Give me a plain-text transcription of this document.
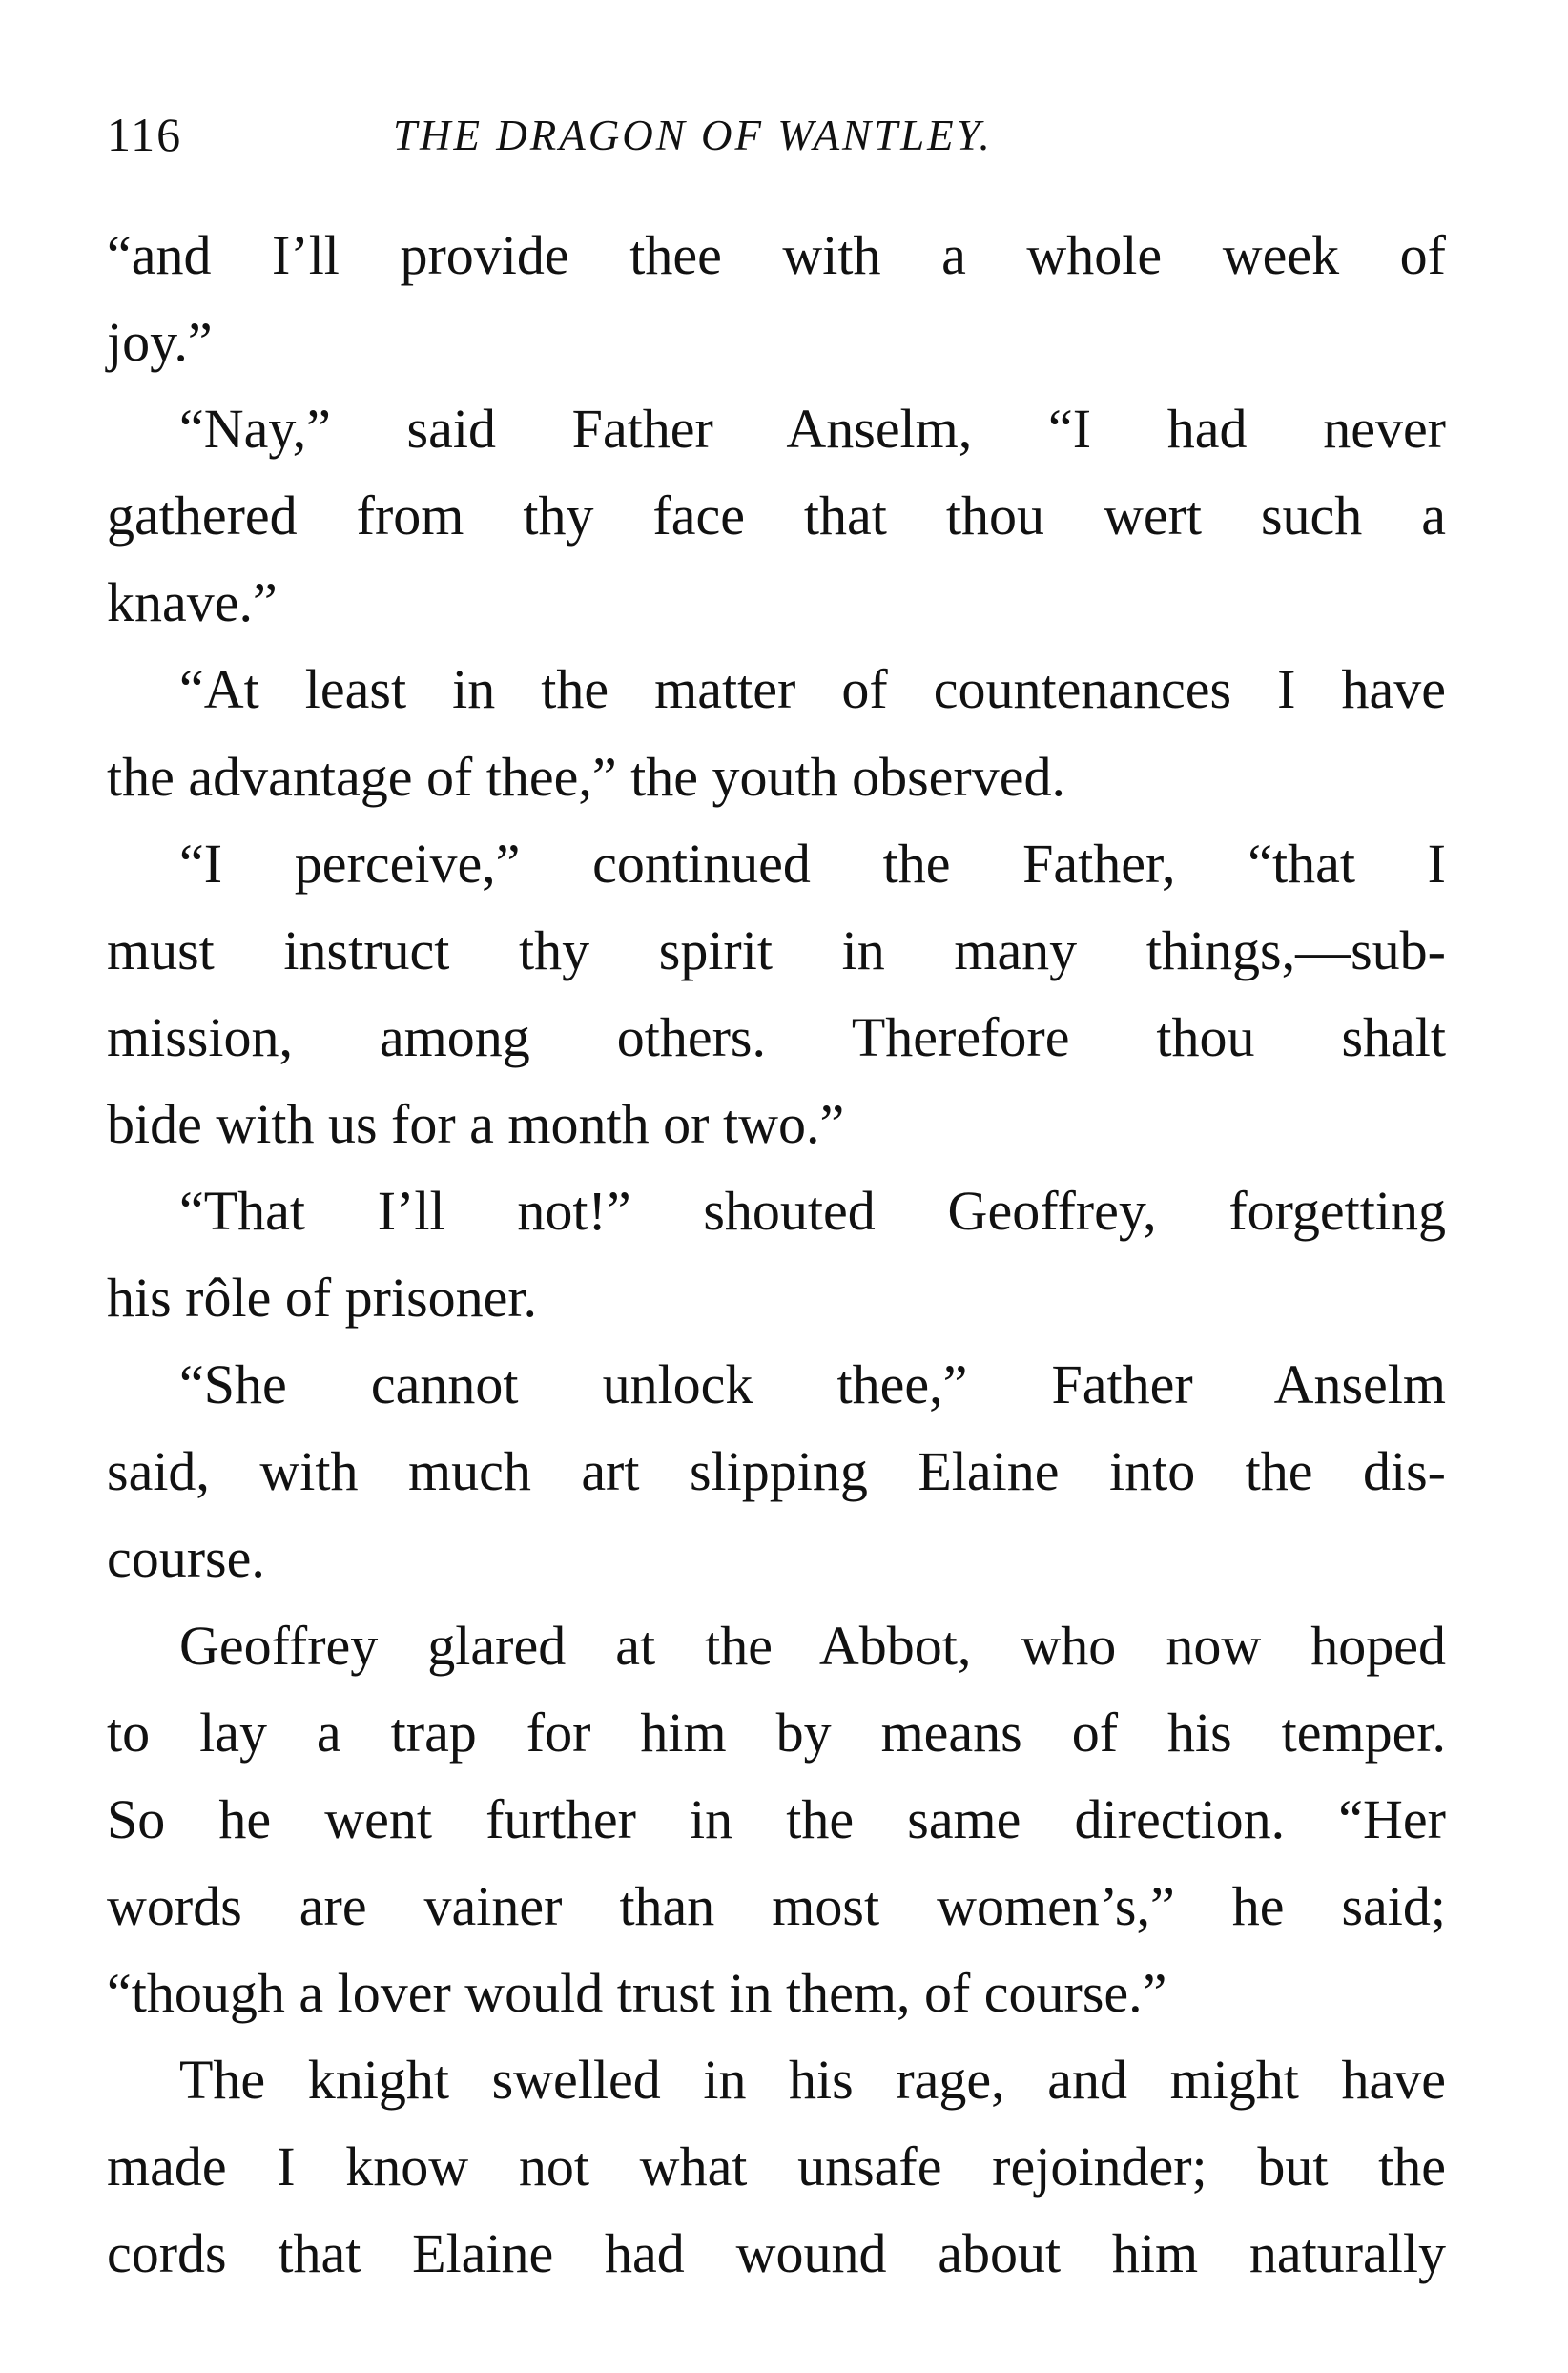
116	THE DRAGON OF WANTLEY.
“and I’ll provide thee with a whole week of
joy.”
“Nay,” said Father Anselm, “I had never
gathered from thy face that thou wert such a
knave.”
“At least in the matter of countenances I have
the advantage of thee,” the youth observed.
“I perceive,” continued the Father, “that I
must instruct thy spirit in many things,—sub-
mission, among others. Therefore thou shalt
bide with us for a month or two.”
“That I’ll not!” shouted Geoffrey, forgetting
his rôle of prisoner.
“She cannot unlock thee,” Father Anselm
said, with much art slipping Elaine into the dis-
course.
Geoffrey glared at the Abbot, who now hoped
to lay a trap for him by means of his temper.
So he went further in the same direction. “Her
words are vainer than most women’s,” he said;
“though a lover would trust in them, of course.”
The knight swelled in his rage, and might have
made I know not what unsafe rejoinder; but the
cords that Elaine had wound about him naturally
